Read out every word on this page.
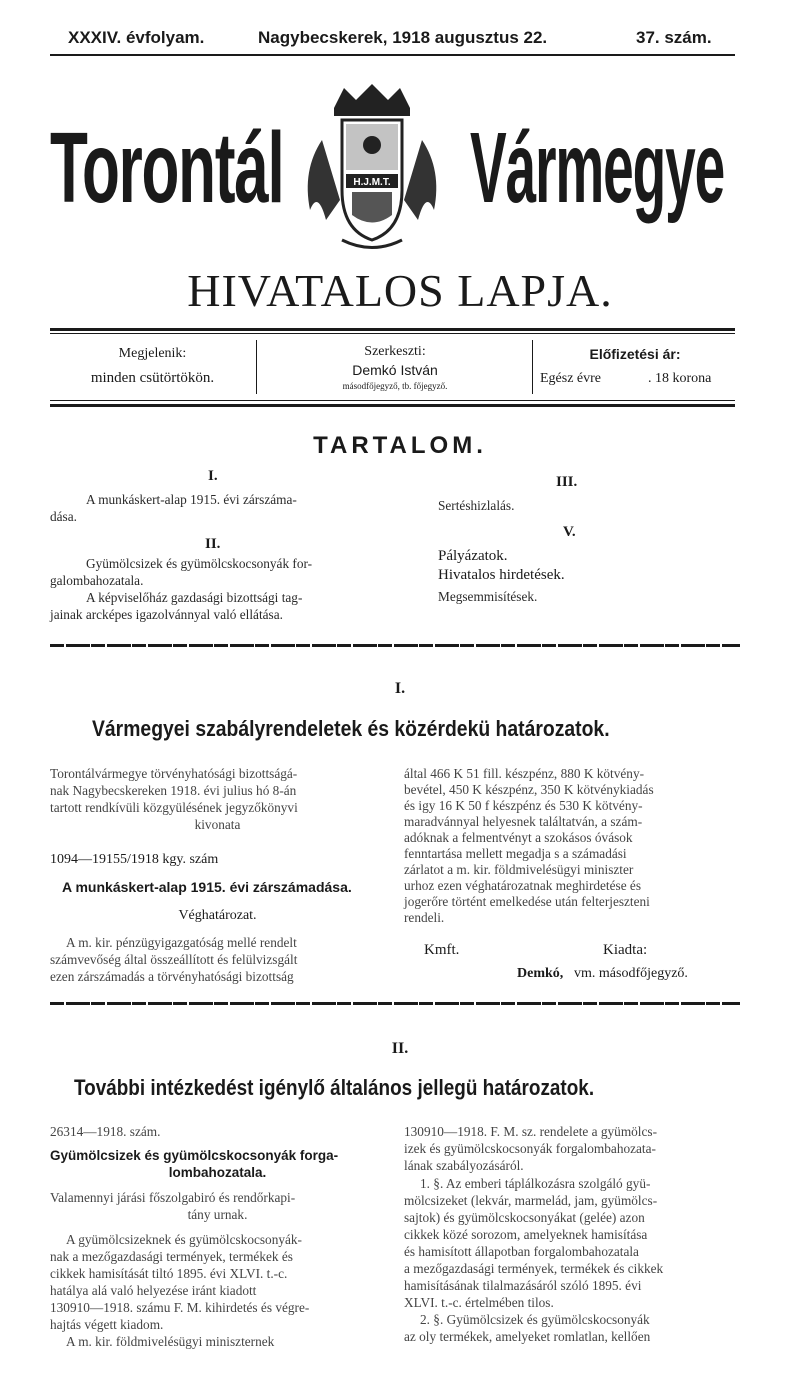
XXXIV. évfolyam.	Nagybecskerek, 1918 augusztus 22.	37. szám.
Torontál	H.J.M.T. Vármegye
HIVATALOS LAPJA.
Megjelenik:
minden csütörtökön.
Szerkeszti:
Demkó István
másodfőjegyző, tb. főjegyző.
Előfizetési ár:
Egész évre	. 18 korona
TARTALOM.
I.
A munkáskert-alap 1915. évi zárszáma-
dása.
II.
Gyümölcsizek és gyümölcskocsonyák for-
galombahozatala.
A képviselőház gazdasági bizottsági tag-
jainak arcképes igazolvánnyal való ellátása.
III.
Sertéshizlalás.
V.
Pályázatok.
Hivatalos hirdetések.
Megsemmisítések.
I.
Vármegyei szabályrendeletek és közérdekü határozatok.
Torontálvármegye törvényhatósági bizottságá-
nak Nagybecskereken 1918. évi julius hó 8-án
tartott rendkívüli közgyülésének jegyzőkönyvi
kivonata
1094—19155/1918 kgy. szám
A munkáskert-alap 1915. évi zárszámadása.
Véghatározat.
A m. kir. pénzügyigazgatóság mellé rendelt
számvevőség által összeállított és felülvizsgált
ezen zárszámadás a törvényhatósági bizottság
által 466 K 51 fill. készpénz, 880 K kötvény-
bevétel, 450 K készpénz, 350 K kötvénykiadás
és igy 16 K 50 f készpénz és 530 K kötvény-
maradvánnyal helyesnek találtatván, a szám-
adóknak a felmentvényt a szokásos óvások
fenntartása mellett megadja s a számadási
zárlatot a m. kir. földmivelésügyi miniszter
urhoz ezen véghatározatnak meghirdetése és
jogerőre történt emelkedése után felterjeszteni
rendeli.
Kmft.	Kiadta:
Demkó, vm. másodfőjegyző.
II.
További intézkedést igénylő általános jellegü határozatok.
26314—1918. szám.
Gyümölcsizek és gyümölcskocsonyák forga-
lombahozatala.
Valamennyi járási főszolgabiró és rendőrkapi-
tány urnak.
A gyümölcsizeknek és gyümölcskocsonyák-
nak a mezőgazdasági termények, termékek és
cikkek hamisítását tiltó 1895. évi XLVI. t.-c.
hatálya alá való helyezése iránt kiadott
130910—1918. számu F. M. kihirdetés és végre-
hajtás végett kiadom.
A m. kir. földmivelésügyi miniszternek
130910—1918. F. M. sz. rendelete a gyümölcs-
izek és gyümölcskocsonyák forgalombahozata-
lának szabályozásáról.
1. §. Az emberi táplálkozásra szolgáló gyü-
mölcsizeket (lekvár, marmelád, jam, gyümölcs-
sajtok) és gyümölcskocsonyákat (gelée) azon
cikkek közé sorozom, amelyeknek hamisítása
és hamisított állapotban forgalombahozatala
a mezőgazdasági termények, termékek és cikkek
hamisításának tilalmazásáról szóló 1895. évi
XLVI. t.-c. értelmében tilos.
2. §. Gyümölcsizek és gyümölcskocsonyák
az oly termékek, amelyeket romlatlan, kellően
